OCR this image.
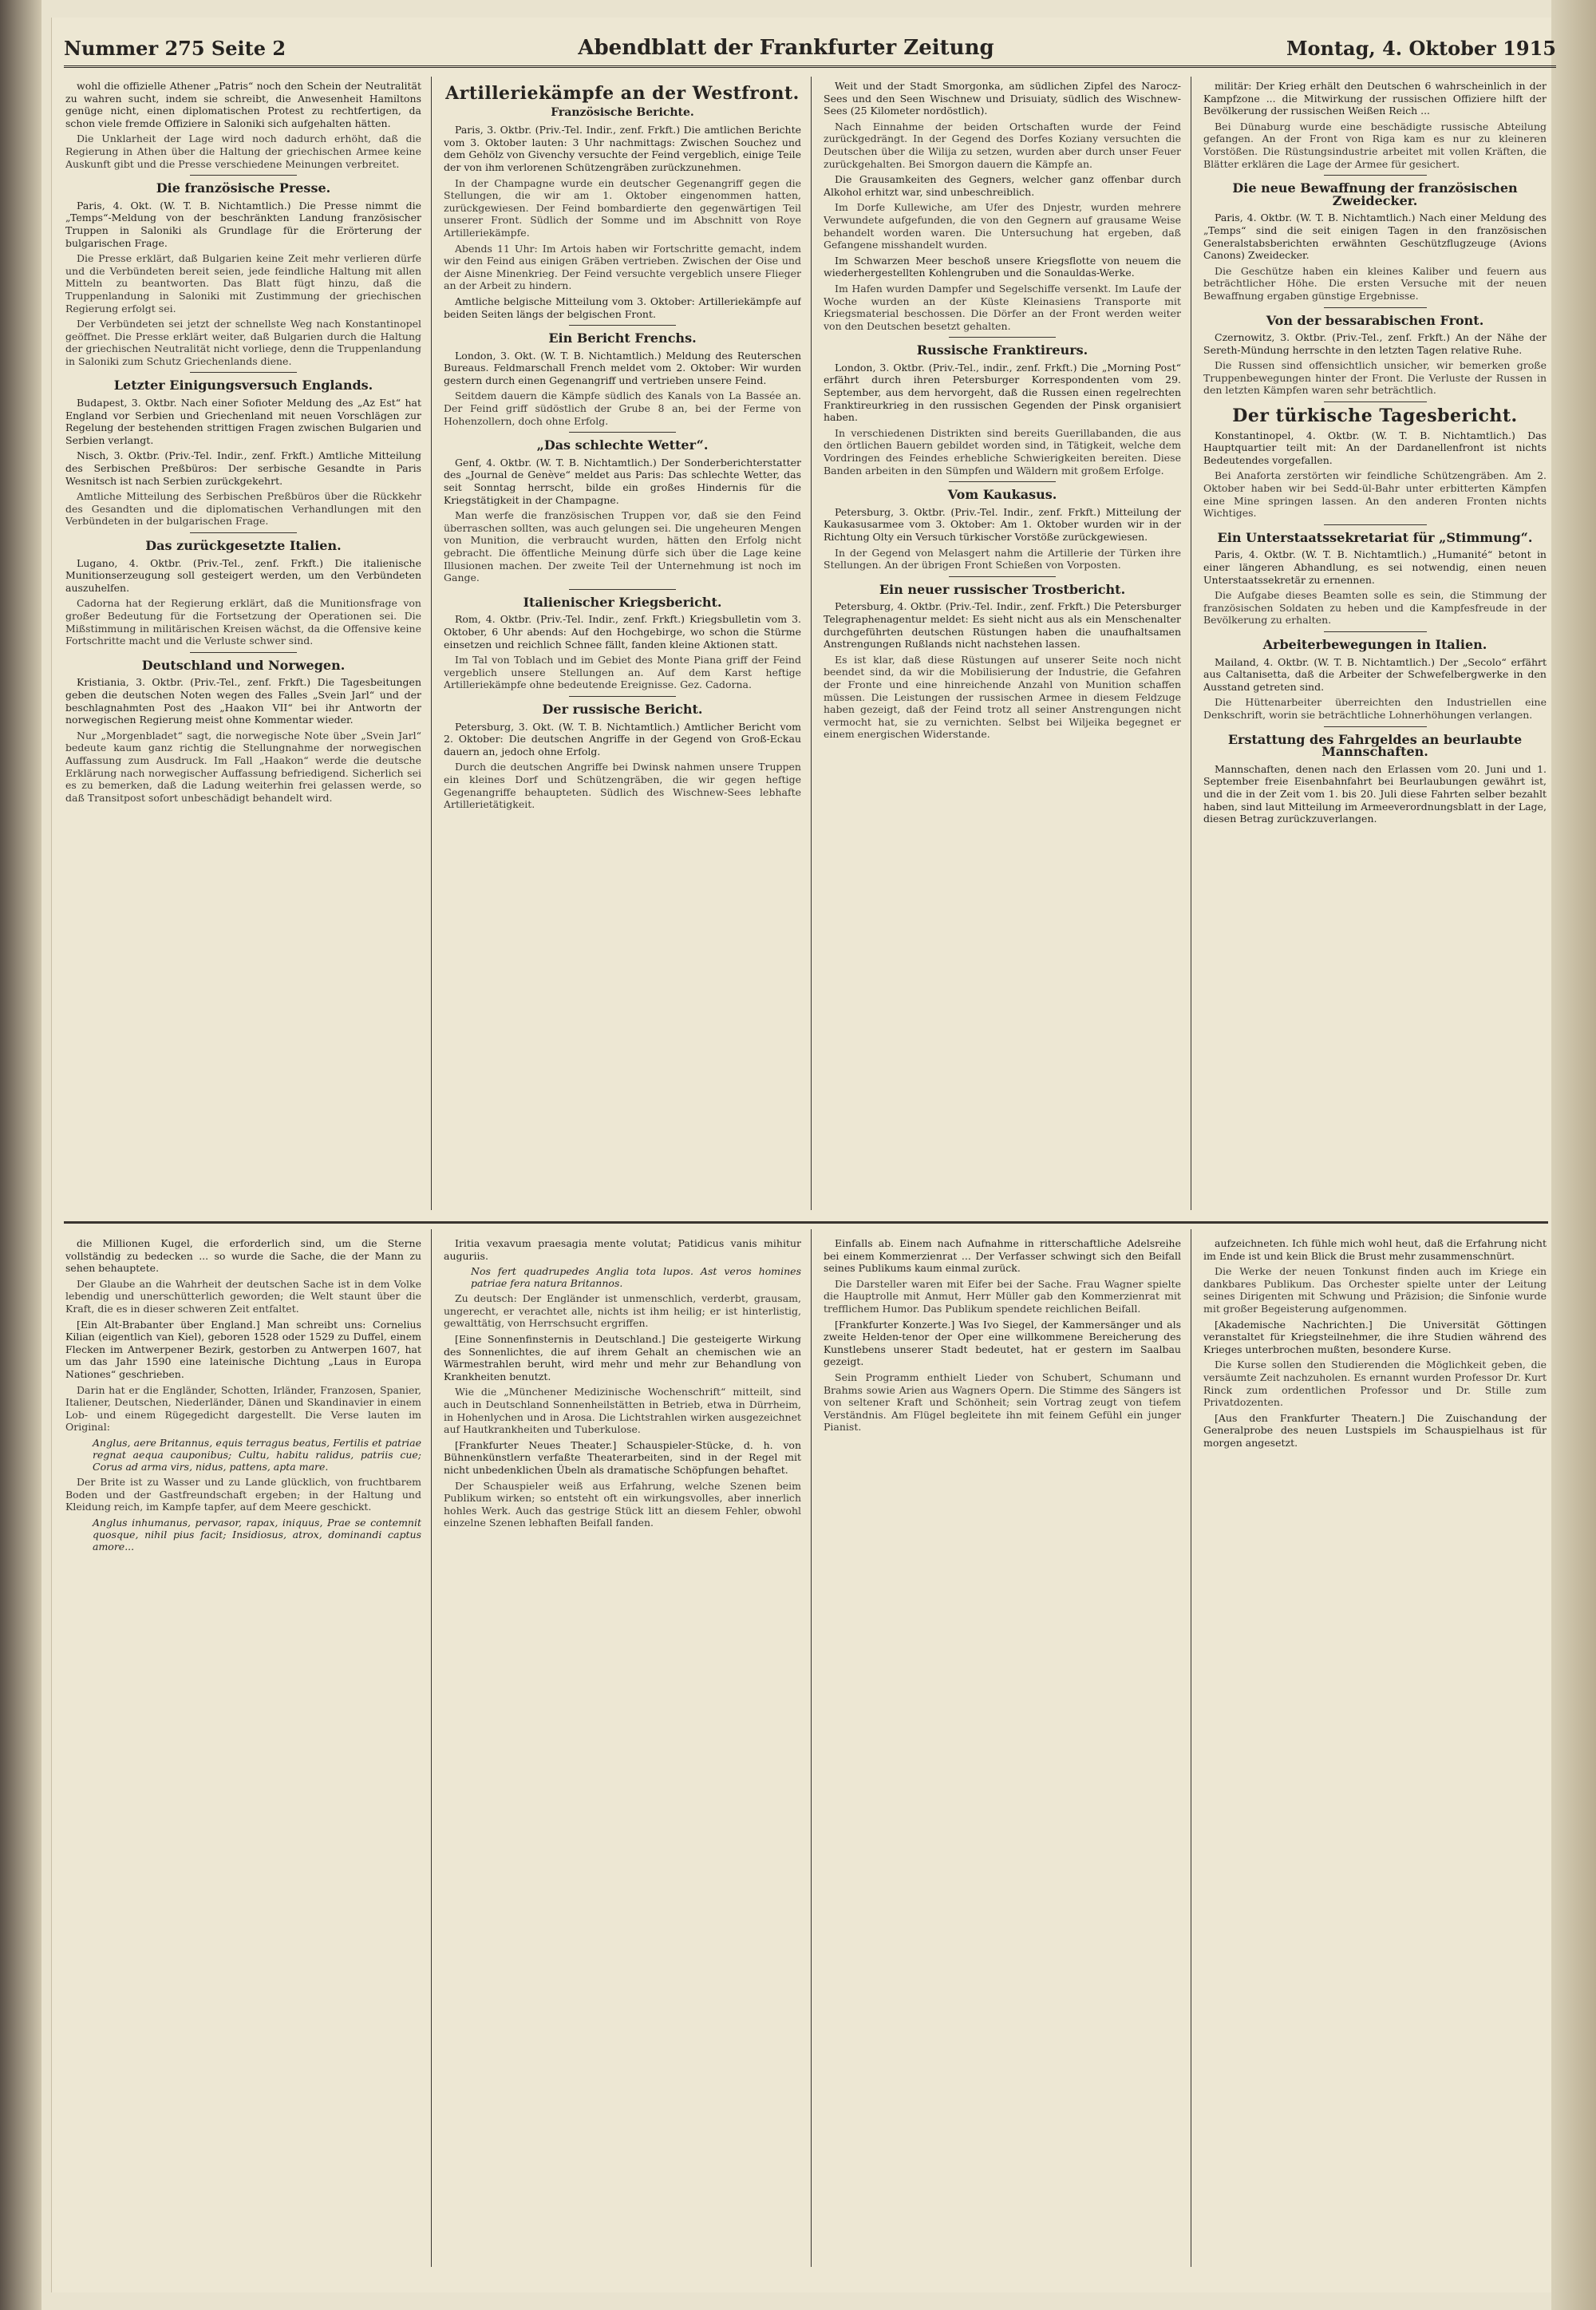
Nummer 275 Seite 2	Abendblatt der Frankfurter Zeitung	Montag, 4. Oktober 1915

wohl die offizielle Athener „Patris“ noch den Schein der Neutralität zu wahren sucht, indem sie schreibt, die Anwesenheit Hamiltons genüge nicht, einen diplomatischen Protest zu rechtfertigen, da schon viele fremde Offiziere in Saloniki sich aufgehalten hätten.

Die Unklarheit der Lage wird noch dadurch erhöht, daß die Regierung in Athen über die Haltung der griechischen Armee keine Auskunft gibt und die Presse verschiedene Meinungen verbreitet.

Die französische Presse.

Paris, 4. Okt. (W. T. B. Nichtamtlich.) Die Presse nimmt die „Temps“-Meldung von der beschränkten Landung französischer Truppen in Saloniki als Grundlage für die Erörterung der bulgarischen Frage.

Die Presse erklärt, daß Bulgarien keine Zeit mehr verlieren dürfe und die Verbündeten bereit seien, jede feindliche Haltung mit allen Mitteln zu beantworten. Das Blatt fügt hinzu, daß die Truppenlandung in Saloniki mit Zustimmung der griechischen Regierung erfolgt sei.

Der Verbündeten sei jetzt der schnellste Weg nach Konstantinopel geöffnet. Die Presse erklärt weiter, daß Bulgarien durch die Haltung der griechischen Neutralität nicht vorliege, denn die Truppenlandung in Saloniki zum Schutz Griechenlands diene.

Letzter Einigungsversuch Englands.

Budapest, 3. Oktbr. Nach einer Sofioter Meldung des „Az Est“ hat England vor Serbien und Griechenland mit neuen Vorschlägen zur Regelung der bestehenden strittigen Fragen zwischen Bulgarien und Serbien verlangt.

Nisch, 3. Oktbr. (Priv.-Tel. Indir., zenf. Frkft.) Amtliche Mitteilung des Serbischen Preßbüros: Der serbische Gesandte in Paris Wesnitsch ist nach Serbien zurückgekehrt.

Amtliche Mitteilung des Serbischen Preßbüros über die Rückkehr des Gesandten und die diplomatischen Verhandlungen mit den Verbündeten in der bulgarischen Frage.

Das zurückgesetzte Italien.

Lugano, 4. Oktbr. (Priv.-Tel., zenf. Frkft.) Die italienische Munitionserzeugung soll gesteigert werden, um den Verbündeten auszuhelfen.

Cadorna hat der Regierung erklärt, daß die Munitionsfrage von großer Bedeutung für die Fortsetzung der Operationen sei. Die Mißstimmung in militärischen Kreisen wächst, da die Offensive keine Fortschritte macht und die Verluste schwer sind.

Deutschland und Norwegen.

Kristiania, 3. Oktbr. (Priv.-Tel., zenf. Frkft.) Die Tagesbeitungen geben die deutschen Noten wegen des Falles „Svein Jarl“ und der beschlagnahmten Post des „Haakon VII“ bei ihr Antwortn der norwegischen Regierung meist ohne Kommentar wieder.

Nur „Morgenbladet“ sagt, die norwegische Note über „Svein Jarl“ bedeute kaum ganz richtig die Stellungnahme der norwegischen Auffassung zum Ausdruck. Im Fall „Haakon“ werde die deutsche Erklärung nach norwegischer Auffassung befriedigend. Sicherlich sei es zu bemerken, daß die Ladung weiterhin frei gelassen werde, so daß Transitpost sofort unbeschädigt behandelt wird.

Artilleriekämpfe an der Westfront.
Französische Berichte.

Paris, 3. Oktbr. (Priv.-Tel. Indir., zenf. Frkft.) Die amtlichen Berichte vom 3. Oktober lauten: 3 Uhr nachmittags: Zwischen Souchez und dem Gehölz von Givenchy versuchte der Feind vergeblich, einige Teile der von ihm verlorenen Schützengräben zurückzunehmen.

In der Champagne wurde ein deutscher Gegenangriff gegen die Stellungen, die wir am 1. Oktober eingenommen hatten, zurückgewiesen. Der Feind bombardierte den gegenwärtigen Teil unserer Front. Südlich der Somme und im Abschnitt von Roye Artilleriekämpfe.

Abends 11 Uhr: Im Artois haben wir Fortschritte gemacht, indem wir den Feind aus einigen Gräben vertrieben. Zwischen der Oise und der Aisne Minenkrieg. Der Feind versuchte vergeblich unsere Flieger an der Arbeit zu hindern.

Amtliche belgische Mitteilung vom 3. Oktober: Artilleriekämpfe auf beiden Seiten längs der belgischen Front.

Ein Bericht Frenchs.

London, 3. Okt. (W. T. B. Nichtamtlich.) Meldung des Reuterschen Bureaus. Feldmarschall French meldet vom 2. Oktober: Wir wurden gestern durch einen Gegenangriff und vertrieben unsere Feind.

Seitdem dauern die Kämpfe südlich des Kanals von La Bassée an. Der Feind griff südöstlich der Grube 8 an, bei der Ferme von Hohenzollern, doch ohne Erfolg.

„Das schlechte Wetter“.

Genf, 4. Oktbr. (W. T. B. Nichtamtlich.) Der Sonderberichterstatter des „Journal de Genève“ meldet aus Paris: Das schlechte Wetter, das seit Sonntag herrscht, bilde ein großes Hindernis für die Kriegstätigkeit in der Champagne.

Man werfe die französischen Truppen vor, daß sie den Feind überraschen sollten, was auch gelungen sei. Die ungeheuren Mengen von Munition, die verbraucht wurden, hätten den Erfolg nicht gebracht. Die öffentliche Meinung dürfe sich über die Lage keine Illusionen machen. Der zweite Teil der Unternehmung ist noch im Gange.

Italienischer Kriegsbericht.

Rom, 4. Oktbr. (Priv.-Tel. Indir., zenf. Frkft.) Kriegsbulletin vom 3. Oktober, 6 Uhr abends: Auf den Hochgebirge, wo schon die Stürme einsetzen und reichlich Schnee fällt, fanden kleine Aktionen statt.

Im Tal von Toblach und im Gebiet des Monte Piana griff der Feind vergeblich unsere Stellungen an. Auf dem Karst heftige Artilleriekämpfe ohne bedeutende Ereignisse. Gez. Cadorna.

Der russische Bericht.

Petersburg, 3. Okt. (W. T. B. Nichtamtlich.) Amtlicher Bericht vom 2. Oktober: Die deutschen Angriffe in der Gegend von Groß-Eckau dauern an, jedoch ohne Erfolg.

Durch die deutschen Angriffe bei Dwinsk nahmen unsere Truppen ein kleines Dorf und Schützengräben, die wir gegen heftige Gegenangriffe behaupteten. Südlich des Wischnew-Sees lebhafte Artillerietätigkeit.

Weit und der Stadt Smorgonka, am südlichen Zipfel des Narocz-Sees und den Seen Wischnew und Drisuiaty, südlich des Wischnew-Sees (25 Kilometer nordöstlich).

Nach Einnahme der beiden Ortschaften wurde der Feind zurückgedrängt. In der Gegend des Dorfes Koziany versuchten die Deutschen über die Wilija zu setzen, wurden aber durch unser Feuer zurückgehalten. Bei Smorgon dauern die Kämpfe an.

Die Grausamkeiten des Gegners, welcher ganz offenbar durch Alkohol erhitzt war, sind unbeschreiblich.

Im Dorfe Kullewiche, am Ufer des Dnjestr, wurden mehrere Verwundete aufgefunden, die von den Gegnern auf grausame Weise behandelt worden waren. Die Untersuchung hat ergeben, daß Gefangene misshandelt wurden.

Im Schwarzen Meer beschoß unsere Kriegsflotte von neuem die wiederhergestellten Kohlengruben und die Sonauldas-Werke.

Im Hafen wurden Dampfer und Segelschiffe versenkt. Im Laufe der Woche wurden an der Küste Kleinasiens Transporte mit Kriegsmaterial beschossen. Die Dörfer an der Front werden weiter von den Deutschen besetzt gehalten.

Russische Franktireurs.

London, 3. Oktbr. (Priv.-Tel., indir., zenf. Frkft.) Die „Morning Post“ erfährt durch ihren Petersburger Korrespondenten vom 29. September, aus dem hervorgeht, daß die Russen einen regelrechten Franktireurkrieg in den russischen Gegenden der Pinsk organisiert haben.

In verschiedenen Distrikten sind bereits Guerillabanden, die aus den örtlichen Bauern gebildet worden sind, in Tätigkeit, welche dem Vordringen des Feindes erhebliche Schwierigkeiten bereiten. Diese Banden arbeiten in den Sümpfen und Wäldern mit großem Erfolge.

Vom Kaukasus.

Petersburg, 3. Oktbr. (Priv.-Tel. Indir., zenf. Frkft.) Mitteilung der Kaukasusarmee vom 3. Oktober: Am 1. Oktober wurden wir in der Richtung Olty ein Versuch türkischer Vorstöße zurückgewiesen.

In der Gegend von Melasgert nahm die Artillerie der Türken ihre Stellungen. An der übrigen Front Schießen von Vorposten.

Ein neuer russischer Trostbericht.

Petersburg, 4. Oktbr. (Priv.-Tel. Indir., zenf. Frkft.) Die Petersburger Telegraphenagentur meldet: Es sieht nicht aus als ein Menschenalter durchgeführten deutschen Rüstungen haben die unaufhaltsamen Anstrengungen Rußlands nicht nachstehen lassen.

Es ist klar, daß diese Rüstungen auf unserer Seite noch nicht beendet sind, da wir die Mobilisierung der Industrie, die Gefahren der Fronte und eine hinreichende Anzahl von Munition schaffen müssen. Die Leistungen der russischen Armee in diesem Feldzuge haben gezeigt, daß der Feind trotz all seiner Anstrengungen nicht vermocht hat, sie zu vernichten. Selbst bei Wiljeika begegnet er einem energischen Widerstande.

militär: Der Krieg erhält den Deutschen 6 wahrscheinlich in der Kampfzone ... die Mitwirkung der russischen Offiziere hilft der Bevölkerung der russischen Weißen Reich ...

Bei Dünaburg wurde eine beschädigte russische Abteilung gefangen. An der Front von Riga kam es nur zu kleineren Vorstößen. Die Rüstungsindustrie arbeitet mit vollen Kräften, die Blätter erklären die Lage der Armee für gesichert.

Die neue Bewaffnung der französischen Zweidecker.

Paris, 4. Oktbr. (W. T. B. Nichtamtlich.) Nach einer Meldung des „Temps“ sind die seit einigen Tagen in den französischen Generalstabsberichten erwähnten Geschützflugzeuge (Avions Canons) Zweidecker.

Die Geschütze haben ein kleines Kaliber und feuern aus beträchtlicher Höhe. Die ersten Versuche mit der neuen Bewaffnung ergaben günstige Ergebnisse.

Von der bessarabischen Front.

Czernowitz, 3. Oktbr. (Priv.-Tel., zenf. Frkft.) An der Nähe der Sereth-Mündung herrschte in den letzten Tagen relative Ruhe.

Die Russen sind offensichtlich unsicher, wir bemerken große Truppenbewegungen hinter der Front. Die Verluste der Russen in den letzten Kämpfen waren sehr beträchtlich.

Der türkische Tagesbericht.

Konstantinopel, 4. Oktbr. (W. T. B. Nichtamtlich.) Das Hauptquartier teilt mit: An der Dardanellenfront ist nichts Bedeutendes vorgefallen.

Bei Anaforta zerstörten wir feindliche Schützengräben. Am 2. Oktober haben wir bei Sedd-ül-Bahr unter erbitterten Kämpfen eine Mine springen lassen. An den anderen Fronten nichts Wichtiges.

Ein Unterstaatssekretariat für „Stimmung“.

Paris, 4. Oktbr. (W. T. B. Nichtamtlich.) „Humanité“ betont in einer längeren Abhandlung, es sei notwendig, einen neuen Unterstaatssekretär zu ernennen.

Die Aufgabe dieses Beamten solle es sein, die Stimmung der französischen Soldaten zu heben und die Kampfesfreude in der Bevölkerung zu erhalten.

Arbeiterbewegungen in Italien.

Mailand, 4. Oktbr. (W. T. B. Nichtamtlich.) Der „Secolo“ erfährt aus Caltanisetta, daß die Arbeiter der Schwefelbergwerke in den Ausstand getreten sind.

Die Hüttenarbeiter überreichten den Industriellen eine Denkschrift, worin sie beträchtliche Lohnerhöhungen verlangen.

Erstattung des Fahrgeldes an beurlaubte Mannschaften.

Mannschaften, denen nach den Erlassen vom 20. Juni und 1. September freie Eisenbahnfahrt bei Beurlaubungen gewährt ist, und die in der Zeit vom 1. bis 20. Juli diese Fahrten selber bezahlt haben, sind laut Mitteilung im Armeeverordnungsblatt in der Lage, diesen Betrag zurückzuverlangen.

die Millionen Kugel, die erforderlich sind, um die Sterne vollständig zu bedecken ... so wurde die Sache, die der Mann zu sehen behauptete.

Der Glaube an die Wahrheit der deutschen Sache ist in dem Volke lebendig und unerschütterlich geworden; die Welt staunt über die Kraft, die es in dieser schweren Zeit entfaltet.

[Ein Alt-Brabanter über England.] Man schreibt uns: Cornelius Kilian (eigentlich van Kiel), geboren 1528 oder 1529 zu Duffel, einem Flecken im Antwerpener Bezirk, gestorben zu Antwerpen 1607, hat um das Jahr 1590 eine lateinische Dichtung „Laus in Europa Nationes“ geschrieben.

Darin hat er die Engländer, Schotten, Irländer, Franzosen, Spanier, Italiener, Deutschen, Niederländer, Dänen und Skandinavier in einem Lob- und einem Rügegedicht dargestellt. Die Verse lauten im Original:

Anglus, aere Britannus, equis terragus beatus, Fertilis et patriae regnat aequa cauponibus; Cultu, habitu ralidus, patriis cue; Corus ad arma virs, nidus, pattens, apta mare.

Der Brite ist zu Wasser und zu Lande glücklich, von fruchtbarem Boden und der Gastfreundschaft ergeben; in der Haltung und Kleidung reich, im Kampfe tapfer, auf dem Meere geschickt.

Anglus inhumanus, pervasor, rapax, iniquus, Prae se contemnit quosque, nihil pius facit; Insidiosus, atrox, dominandi captus amore...

Iritia vexavum praesagia mente volutat; Patidicus vanis mihitur auguriis.

Nos fert quadrupedes Anglia tota lupos. Ast veros homines patriae fera natura Britannos.

Zu deutsch: Der Engländer ist unmenschlich, verderbt, grausam, ungerecht, er verachtet alle, nichts ist ihm heilig; er ist hinterlistig, gewalttätig, von Herrschsucht ergriffen.

[Eine Sonnenfinsternis in Deutschland.] Die gesteigerte Wirkung des Sonnenlichtes, die auf ihrem Gehalt an chemischen wie an Wärmestrahlen beruht, wird mehr und mehr zur Behandlung von Krankheiten benutzt.

Wie die „Münchener Medizinische Wochenschrift“ mitteilt, sind auch in Deutschland Sonnenheilstätten in Betrieb, etwa in Dürrheim, in Hohenlychen und in Arosa. Die Lichtstrahlen wirken ausgezeichnet auf Hautkrankheiten und Tuberkulose.

[Frankfurter Neues Theater.] Schauspieler-Stücke, d. h. von Bühnenkünstlern verfaßte Theaterarbeiten, sind in der Regel mit nicht unbedenklichen Übeln als dramatische Schöpfungen behaftet.

Der Schauspieler weiß aus Erfahrung, welche Szenen beim Publikum wirken; so entsteht oft ein wirkungsvolles, aber innerlich hohles Werk. Auch das gestrige Stück litt an diesem Fehler, obwohl einzelne Szenen lebhaften Beifall fanden.

Einfalls ab. Einem nach Aufnahme in ritterschaftliche Adelsreihe bei einem Kommerzienrat ... Der Verfasser schwingt sich den Beifall seines Publikums kaum einmal zurück.

Die Darsteller waren mit Eifer bei der Sache. Frau Wagner spielte die Hauptrolle mit Anmut, Herr Müller gab den Kommerzienrat mit trefflichem Humor. Das Publikum spendete reichlichen Beifall.

[Frankfurter Konzerte.] Was Ivo Siegel, der Kammersänger und als zweite Helden-tenor der Oper eine willkommene Bereicherung des Kunstlebens unserer Stadt bedeutet, hat er gestern im Saalbau gezeigt.

Sein Programm enthielt Lieder von Schubert, Schumann und Brahms sowie Arien aus Wagners Opern. Die Stimme des Sängers ist von seltener Kraft und Schönheit; sein Vortrag zeugt von tiefem Verständnis. Am Flügel begleitete ihn mit feinem Gefühl ein junger Pianist.

aufzeichneten. Ich fühle mich wohl heut, daß die Erfahrung nicht im Ende ist und kein Blick die Brust mehr zusammenschnürt.

Die Werke der neuen Tonkunst finden auch im Kriege ein dankbares Publikum. Das Orchester spielte unter der Leitung seines Dirigenten mit Schwung und Präzision; die Sinfonie wurde mit großer Begeisterung aufgenommen.

[Akademische Nachrichten.] Die Universität Göttingen veranstaltet für Kriegsteilnehmer, die ihre Studien während des Krieges unterbrochen mußten, besondere Kurse.

Die Kurse sollen den Studierenden die Möglichkeit geben, die versäumte Zeit nachzuholen. Es ernannt wurden Professor Dr. Kurt Rinck zum ordentlichen Professor und Dr. Stille zum Privatdozenten.

[Aus den Frankfurter Theatern.] Die Zuischandung der Generalprobe des neuen Lustspiels im Schauspielhaus ist für morgen angesetzt.
